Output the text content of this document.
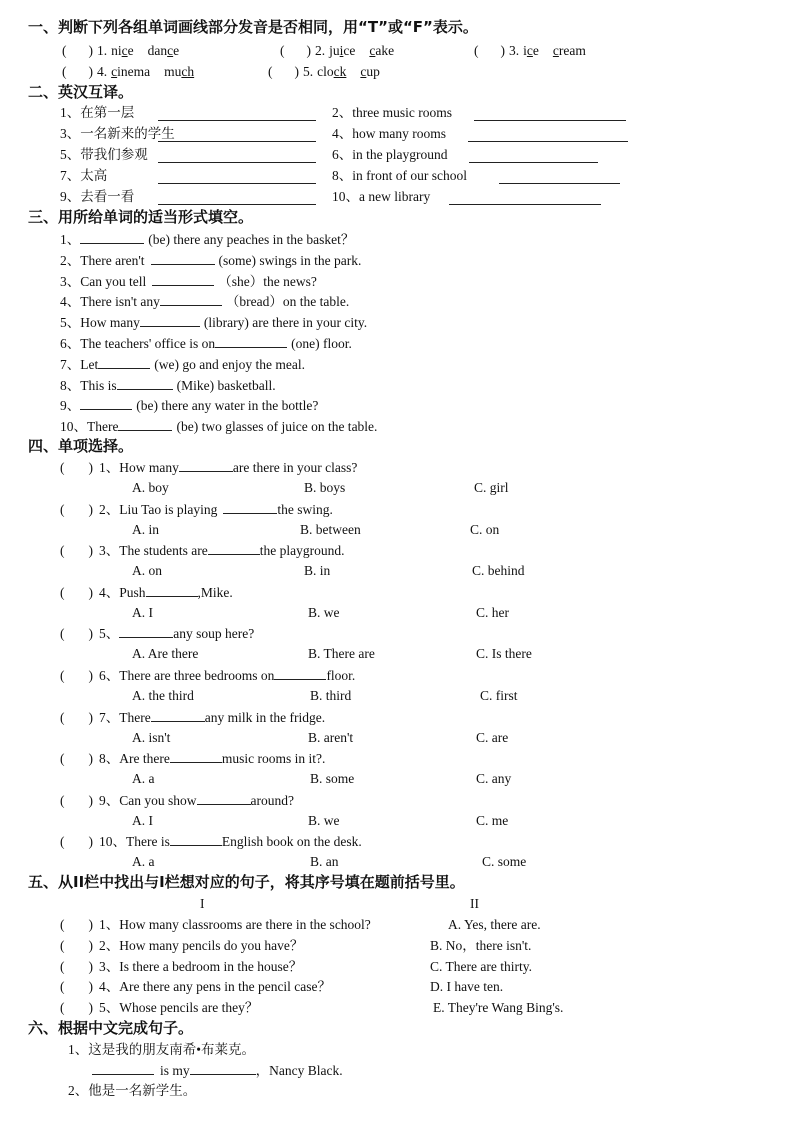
一、判断下列各组单词画线部分发音是否相同，用“T”或“F”表示。
( ) 1. nice dance	( ) 2. juice cake	( ) 3. ice cream
( ) 4. cinema much	( ) 5. clock cup
二、英汉互译。
1、在第一层	2、three music rooms
3、一名新来的学生	4、how many rooms
5、带我们参观	6、in the playground
7、太高	8、in front of our school
9、去看一看	10、a new library
三、用所给单词的适当形式填空。
1、	(be) there any peaches in the basket？
2、There aren't	(some) swings in the park.
3、Can you tell	（she）the news?
4、There isn't any	（bread）on the table.
5、How many	(library) are there in your city.
6、The teachers' office is on	(one) floor.
7、Let	(we) go and enjoy the meal.
8、This is	(Mike) basketball.
9、	(be) there any water in the bottle?
10、There	(be) two glasses of juice on the table.
四、单项选择。
( ) 1、How many	are there in your class?
A. boy	B. boys	C. girl
( ) 2、Liu Tao is playing	the swing.
A. in	B. between	C. on
( ) 3、The students are	the playground.
A. on	B. in	C. behind
( ) 4、Push	,Mike.
A. I	B. we	C. her
( ) 5、	any soup here?
A. Are there	B. There are	C. Is there
( ) 6、There are three bedrooms on	floor.
A. the third	B. third	C. first
( ) 7、There	any milk in the fridge.
A. isn't	B. aren't	C. are
( ) 8、Are there	music rooms in it?.
A. a	B. some	C. any
( ) 9、Can you show	around?
A. I	B. we	C. me
( ) 10、There is	English book on the desk.
A. a	B. an	C. some
五、从II栏中找出与I栏想对应的句子，将其序号填在题前括号里。
I	II
( ) 1、How many classrooms are there in the school?	A. Yes, there are.
( ) 2、How many pencils do you have？	B. No，there isn't.
( ) 3、Is there a bedroom in the house？	C. There are thirty.
( ) 4、Are there any pens in the pencil case？	D. I have ten.
( ) 5、Whose pencils are they？	E. They're Wang Bing's.
六、根据中文完成句子。
1、这是我的朋友南希•布莱克。
is my	，Nancy Black.
2、他是一名新学生。
